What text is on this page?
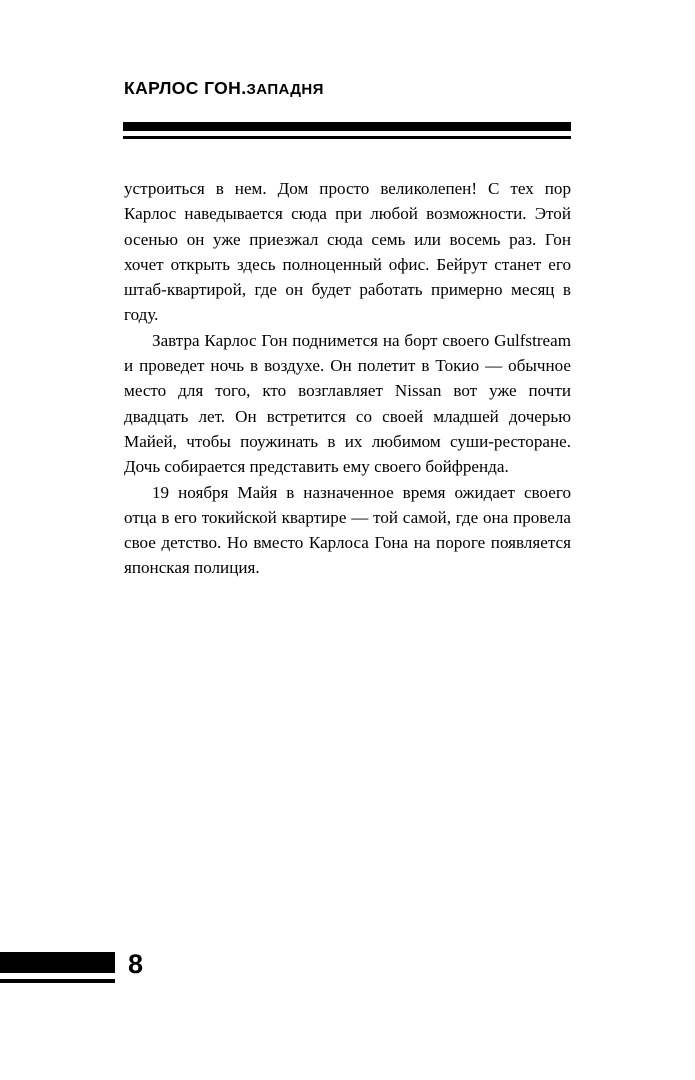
КАРЛОС ГОН.ЗАПАДНЯ

устроиться в нем. Дом просто великолепен! С тех пор Карлос наведывается сюда при любой возможности. Этой осенью он уже приезжал сюда семь или восемь раз. Гон хочет открыть здесь полноценный офис. Бейрут станет его штаб-квартирой, где он будет работать примерно месяц в году.

Завтра Карлос Гон поднимется на борт своего Gulfstream и проведет ночь в воздухе. Он полетит в Токио — обычное место для того, кто возглавляет Nissan вот уже почти двадцать лет. Он встретится со своей младшей дочерью Майей, чтобы поужинать в их любимом суши-ресторане. Дочь собирается представить ему своего бойфренда.

19 ноября Майя в назначенное время ожидает своего отца в его токийской квартире — той самой, где она провела свое детство. Но вместо Карлоса Гона на пороге появляется японская полиция.

8
